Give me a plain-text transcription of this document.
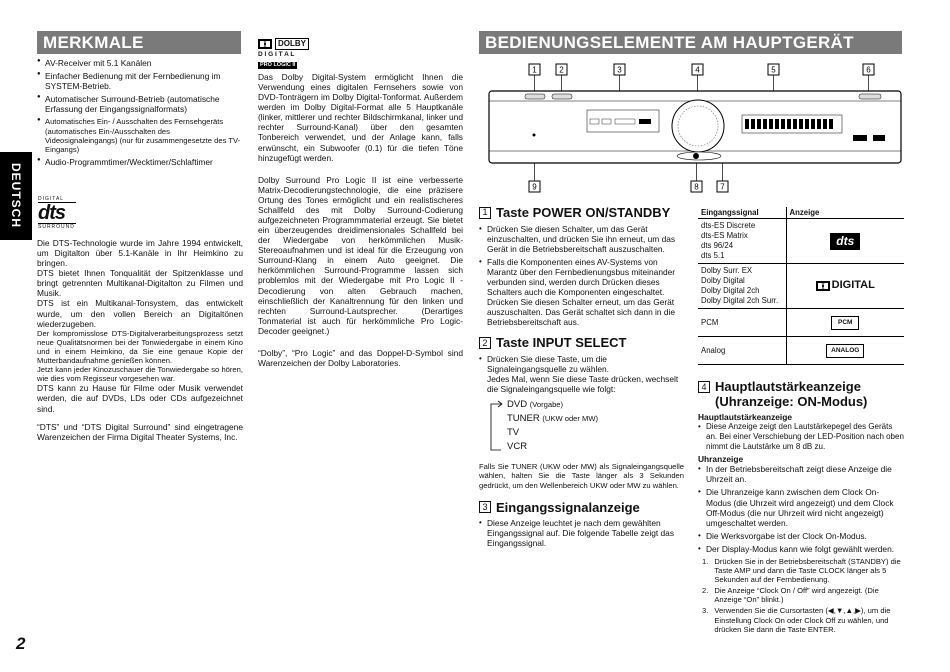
MERKMALE	BEDIENUNGSELEMENTE AM HAUPTGERÄT
DEUTSCH
● AV-Receiver mit 5.1 Kanälen
● Einfacher Bedienung mit der Fernbedienung im SYSTEM-Betrieb.
● Automatischer Surround-Betrieb (automatische Erfassung der Eingangssignalformats)
● Automatisches Ein- / Ausschalten des Fernsehgeräts (automatisches Ein-/Ausschalten des Videosignaleingangs) (nur für zusammengesetzte des TV-Eingangs)
● Audio-Programmtimer/Wecktimer/Schlaftimer
DIGITAL
dts
SURROUND
Die DTS-Technologie wurde im Jahre 1994 entwickelt, um Digitalton über 5.1-Kanäle in Ihr Heimkino zu bringen.
DTS bietet Ihnen Tonqualität der Spitzenklasse und bringt getrennten Multikanal-Digitalton zu Filmen und Musik.
DTS ist ein Multikanal-Tonsystem, das entwickelt wurde, um den vollen Bereich an Digitaltönen wiederzugeben.
Der kompromisslose DTS-Digitalverarbeitungsprozess setzt neue Qualitätsnormen bei der Tonwiedergabe in einem Kino und in einem Heimkino, da Sie eine genaue Kopie der Mutterbandaufnahme genießen können.
Jetzt kann jeder Kinozuschauer die Tonwiedergabe so hören, wie dies vom Regisseur vorgesehen war.
DTS kann zu Hause für Filme oder Musik verwendet werden, die auf DVDs, LDs oder CDs aufgezeichnet sind.
“DTS” und “DTS Digital Surround” sind eingetragene Warenzeichen der Firma Digital Theater Systems, Inc.
DOLBY
D I G I T A L
PRO LOGIC II
Das Dolby Digital-System ermöglicht Ihnen die Verwendung eines digitalen Fernsehers sowie von DVD-Tonträgern im Dolby Digital-Tonformat. Außerdem werden im Dolby Digital-Format alle 5 Hauptkanäle (linker, mittlerer und rechter Bildschirmkanal, linker und rechter Surround-Kanal) über den gesamten Tonbereich verwendet, und der Anlage kann, falls erwünscht, ein Subwoofer (0.1) für die tiefen Töne hinzugefügt werden.
Dolby Surround Pro Logic II ist eine verbesserte Matrix-Decodierungstechnologie, die eine präzisere Ortung des Tones ermöglicht und ein realistischeres Schallfeld des mit Dolby Surround-Codierung aufgezeichneten Programmmaterial erzeugt. Sie bietet ein überzeugendes dreidimensionales Schallfeld bei der Wiedergabe von herkömmlichen Musik-Stereoaufnahmen und ist ideal für die Erzeugung von Surround-Klang in einem Auto geeignet. Die herkömmlichen Surround-Programme lassen sich problemlos mit der Wiedergabe mit Pro Logic II -Decodierung von alten Gebrauch machen, einschließlich der Kanaltrennung für den linken und rechten Surround-Lautsprecher. (Derartiges Tonmaterial ist auch für herkömmliche Pro Logic-Decoder geeignet.)
“Dolby”, “Pro Logic” and das Doppel-D-Symbol sind Warenzeichen der Dolby Laboratories.
1	2	3	4	5	6
9	8	7
1 Taste POWER ON/STANDBY
• Drücken Sie diesen Schalter, um das Gerät einzuschalten, und drücken Sie ihn erneut, um das Gerät in die Betriebsbereitschaft auszuschalten.
• Falls die Komponenten eines AV-Systems von Marantz über den Fernbedienungsbus miteinander verbunden sind, werden durch Drücken dieses Schalters auch die Komponenten eingeschaltet. Drücken Sie diesen Schalter erneut, um das Gerät auszuschalten. Das Gerät schaltet sich dann in die Betriebsbereitschaft aus.
2 Taste INPUT SELECT
• Drücken Sie diese Taste, um die Signaleingangsquelle zu wählen.
Jedes Mal, wenn Sie diese Taste drücken, wechselt die Signaleingangsquelle wie folgt:
DVD (Vorgabe)
TUNER (UKW oder MW)
TV
VCR
Falls Sie TUNER (UKW oder MW) als Signaleingangsquelle wählen, halten Sie die Taste länger als 3 Sekunden gedrückt, um den Wellenbereich UKW oder MW zu wählen.
3 Eingangssignalanzeige
• Diese Anzeige leuchtet je nach dem gewählten Eingangssignal auf. Die folgende Tabelle zeigt das Eingangssignal.
Eingangssignal	Anzeige

dts-ES Discrete
dts-ES Matrix
dts 96/24
dts 5.1	dts

Dolby Surr. EX
Dolby Digital
Dolby Digital 2ch
Dolby Digital 2ch Surr.	DIGITAL

PCM	PCM
Analog	ANALOG
4 Hauptlautstärkeanzeige
(Uhranzeige: ON-Modus)
Hauptlautstärkeanzeige
• Diese Anzeige zeigt den Lautstärkepegel des Geräts an. Bei einer Verschiebung der LED-Position nach oben nimmt die Lautstärke um 8 dB zu.
Uhranzeige
• In der Betriebsbereitschaft zeigt diese Anzeige die Uhrzeit an.
• Die Uhranzeige kann zwischen dem Clock On-Modus (die Uhrzeit wird angezeigt) und dem Clock Off-Modus (die nur Uhrzeit wird nicht angezeigt) umgeschaltet werden.
• Die Werksvorgabe ist der Clock On-Modus.
• Der Display-Modus kann wie folgt gewählt werden.
1. Drücken Sie in der Betriebsbereitschaft (STANDBY) die Taste AMP und dann die Taste CLOCK länger als 5 Sekunden auf der Fernbedienung.
2. Die Anzeige “Clock On / Off” wird angezeigt. (Die Anzeige “On” blinkt.)
3. Verwenden Sie die Cursortasten (◀,▼,▲,▶), um die Einstellung Clock On oder Clock Off zu wählen, und drücken Sie dann die Taste ENTER.
2
